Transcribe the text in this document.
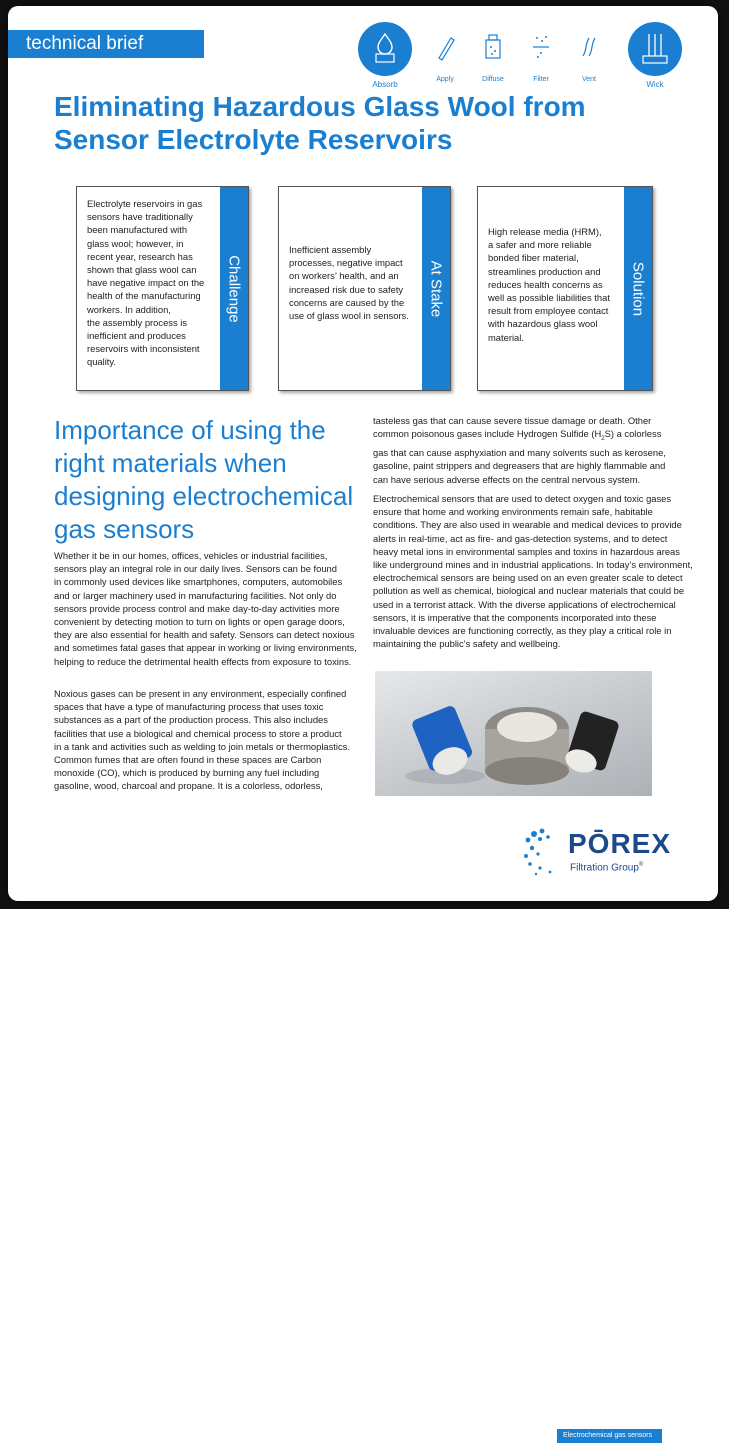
technical brief
Absorb
Apply	Diffuse	Filter	Vent
Wick
Eliminating Hazardous Glass Wool from
Sensor Electrolyte Reservoirs
Electrolyte reservoirs in gas
sensors have traditionally
been manufactured with
glass wool; however, in
recent year, research has
shown that glass wool can
have negative impact on the
health of the manufacturing
workers. In addition,
the assembly process is
inefficient and produces
reservoirs with inconsistent
quality.
Challenge
Inefficient assembly
processes, negative impact
on workers’ health, and an
increased risk due to safety
concerns are caused by the
use of glass wool in sensors. At Stake
High release media (HRM),
a safer and more reliable
bonded fiber material,
streamlines production and
reduces health concerns as
well as possible liabilities that
result from employee contact
with hazardous glass wool
material.
Solution
Importance of using the
right materials when
designing electrochemical
gas sensors
Whether it be in our homes, offices, vehicles or industrial facilities,
sensors play an integral role in our daily lives. Sensors can be found
in commonly used devices like smartphones, computers, automobiles
and or larger machinery used in manufacturing facilities. Not only do
sensors provide process control and make day-to-day activities more
convenient by detecting motion to turn on lights or open garage doors,
they are also essential for health and safety. Sensors can detect noxious
and sometimes fatal gases that appear in working or living environments,
helping to reduce the detrimental health effects from exposure to toxins.
Noxious gases can be present in any environment, especially confined
spaces that have a type of manufacturing process that uses toxic
substances as a part of the production process. This also includes
facilities that use a biological and chemical process to store a product
in a tank and activities such as welding to join metals or thermoplastics.
Common fumes that are often found in these spaces are Carbon
monoxide (CO), which is produced by burning any fuel including
gasoline, wood, charcoal and propane. It is a colorless, odorless,
tasteless gas that can cause severe tissue damage or death. Other
common poisonous gases include Hydrogen Sulfide $(H_2S)$ a colorless
gas that can cause asphyxiation and many solvents such as kerosene,
gasoline, paint strippers and degreasers that are highly flammable and
can have serious adverse effects on the central nervous system.
Electrochemical sensors that are used to detect oxygen and toxic gases
ensure that home and working environments remain safe, habitable
conditions. They are also used in wearable and medical devices to provide
alerts in real-time, act as fire- and gas-detection systems, and to detect
heavy metal ions in environmental samples and toxins in hazardous areas
like underground mines and in industrial applications. In today’s environment,
electrochemical sensors are being used on an even greater scale to detect
pollution as well as chemical, biological and nuclear materials that could be
used in a terrorist attack. With the diverse applications of electrochemical
sensors, it is imperative that the components incorporated into these
invaluable devices are functioning correctly, as they play a critical role in
maintaining the public’s safety and wellbeing.
Electrochemical gas sensors
PŌREX
Filtration Group®
